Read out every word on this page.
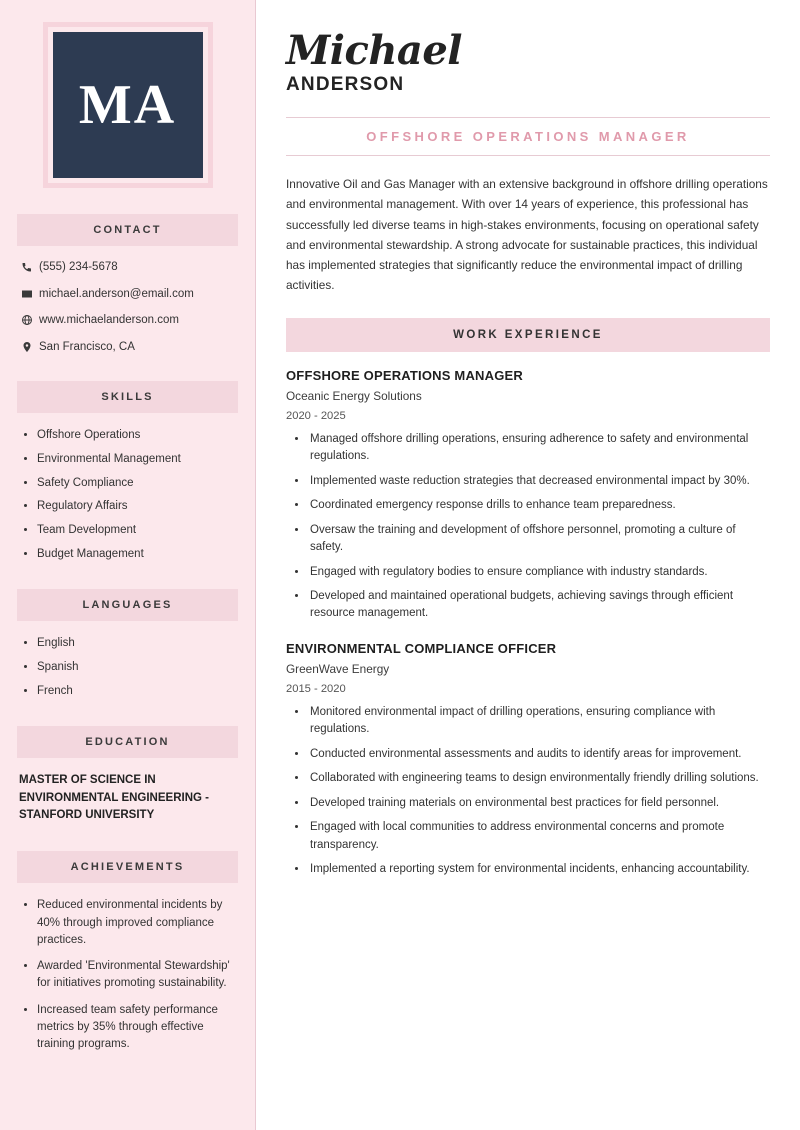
MA
CONTACT
(555) 234-5678
michael.anderson@email.com
www.michaelanderson.com
San Francisco, CA
SKILLS
• Offshore Operations
• Environmental Management
• Safety Compliance
• Regulatory Affairs
• Team Development
• Budget Management
LANGUAGES
• English
• Spanish
• French
EDUCATION
MASTER OF SCIENCE IN ENVIRONMENTAL ENGINEERING - STANFORD UNIVERSITY
ACHIEVEMENTS
• Reduced environmental incidents by 40% through improved compliance practices.
• Awarded 'Environmental Stewardship' for initiatives promoting sustainability.
• Increased team safety performance metrics by 35% through effective training programs.
Michael
ANDERSON
OFFSHORE OPERATIONS MANAGER

Innovative Oil and Gas Manager with an extensive background in offshore drilling operations and environmental management. With over 14 years of experience, this professional has successfully led diverse teams in high-stakes environments, focusing on operational safety and environmental stewardship. A strong advocate for sustainable practices, this individual has implemented strategies that significantly reduce the environmental impact of drilling activities.

WORK EXPERIENCE
OFFSHORE OPERATIONS MANAGER
Oceanic Energy Solutions
2020 - 2025
• Managed offshore drilling operations, ensuring adherence to safety and environmental regulations.
• Implemented waste reduction strategies that decreased environmental impact by 30%.
• Coordinated emergency response drills to enhance team preparedness.
• Oversaw the training and development of offshore personnel, promoting a culture of safety.
• Engaged with regulatory bodies to ensure compliance with industry standards.
• Developed and maintained operational budgets, achieving savings through efficient resource management.
ENVIRONMENTAL COMPLIANCE OFFICER
GreenWave Energy
2015 - 2020
• Monitored environmental impact of drilling operations, ensuring compliance with regulations.
• Conducted environmental assessments and audits to identify areas for improvement.
• Collaborated with engineering teams to design environmentally friendly drilling solutions.
• Developed training materials on environmental best practices for field personnel.
• Engaged with local communities to address environmental concerns and promote transparency.
• Implemented a reporting system for environmental incidents, enhancing accountability.
